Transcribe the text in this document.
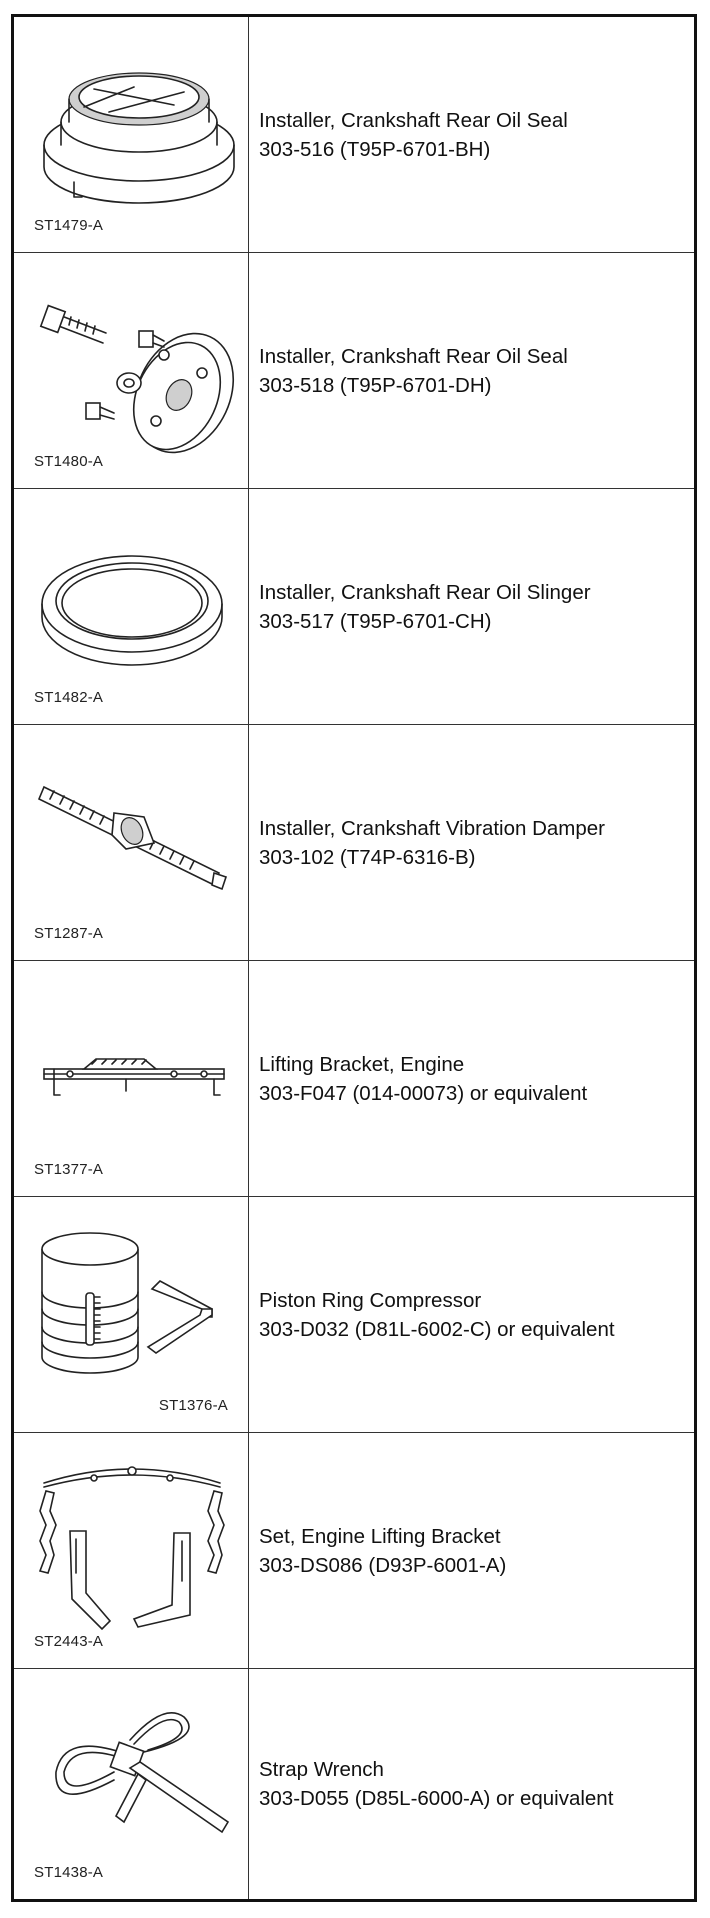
ST1479-A
Installer, Crankshaft Rear Oil Seal
303-516 (T95P-6701-BH)
ST1480-A
Installer, Crankshaft Rear Oil Seal
303-518 (T95P-6701-DH)
ST1482-A
Installer, Crankshaft Rear Oil Slinger
303-517 (T95P-6701-CH)
ST1287-A
Installer, Crankshaft Vibration Damper
303-102 (T74P-6316-B)
ST1377-A
Lifting Bracket, Engine
303-F047 (014-00073) or equivalent
ST1376-A
Piston Ring Compressor
303-D032 (D81L-6002-C) or equivalent
ST2443-A
Set, Engine Lifting Bracket
303-DS086 (D93P-6001-A)
ST1438-A
Strap Wrench
303-D055 (D85L-6000-A) or equivalent
